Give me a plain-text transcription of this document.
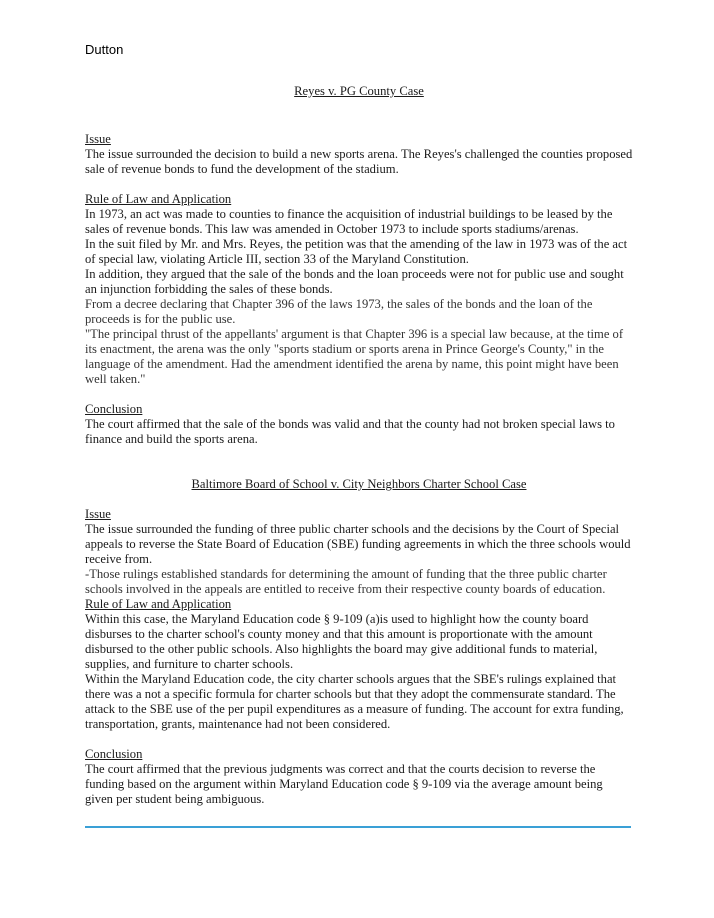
Dutton

Reyes v. PG County Case

Issue

The issue surrounded the decision to build a new sports arena. The Reyes's challenged the counties proposed sale of revenue bonds to fund the development of the stadium.

Rule of Law and Application

In 1973, an act was made to counties to finance the acquisition of industrial buildings to be leased by the sales of revenue bonds. This law was amended in October 1973 to include sports stadiums/arenas.

In the suit filed by Mr. and Mrs. Reyes, the petition was that the amending of the law in 1973 was of the act of special law, violating Article III, section 33 of the Maryland Constitution.

In addition, they argued that the sale of the bonds and the loan proceeds were not for public use and sought an injunction forbidding the sales of these bonds.

From a decree declaring that Chapter 396 of the laws 1973, the sales of the bonds and the loan of the proceeds is for the public use.

"The principal thrust of the appellants' argument is that Chapter 396 is a special law because, at the time of its enactment, the arena was the only "sports stadium or sports arena in Prince George's County," in the language of the amendment. Had the amendment identified the arena by name, this point might have been well taken."

Conclusion

The court affirmed that the sale of the bonds was valid and that the county had not broken special laws to finance and build the sports arena.

Baltimore Board of School v. City Neighbors Charter School Case

Issue

The issue surrounded the funding of three public charter schools and the decisions by the Court of Special appeals to reverse the State Board of Education (SBE) funding agreements in which the three schools would receive from.

-Those rulings established standards for determining the amount of funding that the three public charter schools involved in the appeals are entitled to receive from their respective county boards of education.

Rule of Law and Application

Within this case, the Maryland Education code § 9-109 (a)is used to highlight how the county board disburses to the charter school's county money and that this amount is proportionate with the amount disbursed to the other public schools. Also highlights the board may give additional funds to material, supplies, and furniture to charter schools.

Within the Maryland Education code, the city charter schools argues that the SBE's rulings explained that there was a not a specific formula for charter schools but that they adopt the commensurate standard. The attack to the SBE use of the per pupil expenditures as a measure of funding. The account for extra funding, transportation, grants, maintenance had not been considered.

Conclusion

The court affirmed that the previous judgments was correct and that the courts decision to reverse the funding based on the argument within Maryland Education code § 9-109 via the average amount being given per student being ambiguous.
